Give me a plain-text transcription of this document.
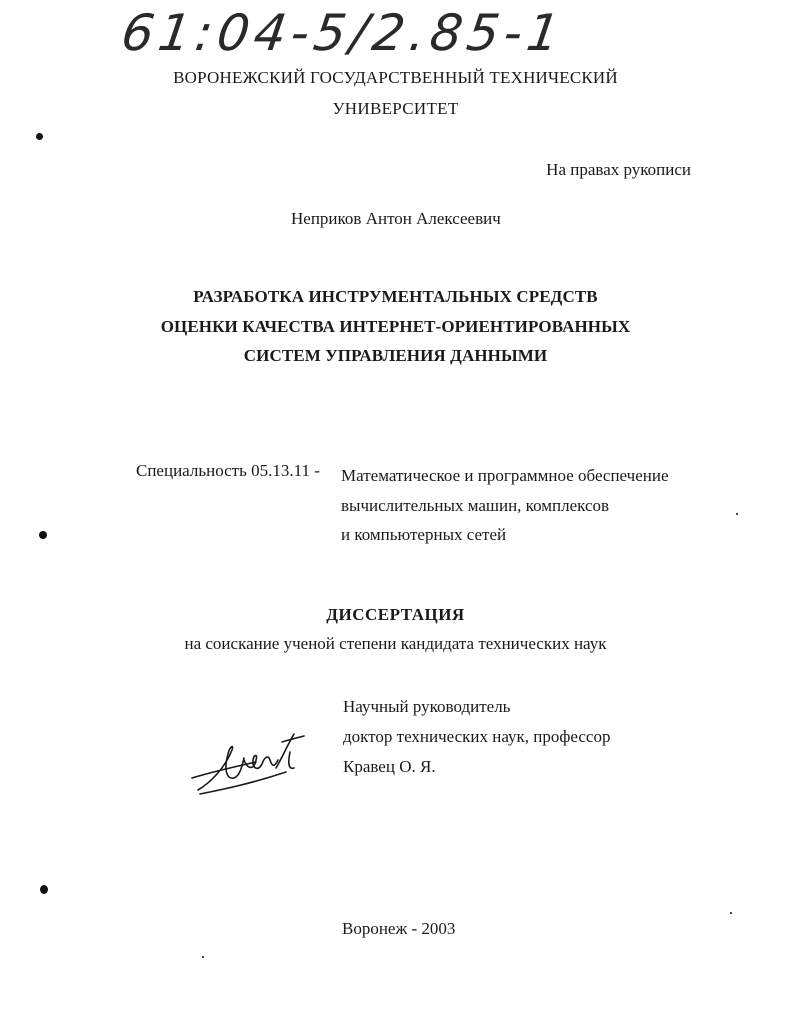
61:04-5/2.85-1
ВОРОНЕЖСКИЙ ГОСУДАРСТВЕННЫЙ ТЕХНИЧЕСКИЙ
УНИВЕРСИТЕТ
На правах рукописи
Неприков Антон Алексеевич
РАЗРАБОТКА ИНСТРУМЕНТАЛЬНЫХ СРЕДСТВ
ОЦЕНКИ КАЧЕСТВА ИНТЕРНЕТ-ОРИЕНТИРОВАННЫХ
СИСТЕМ УПРАВЛЕНИЯ ДАННЫМИ
Специальность 05.13.11 - Математическое и программное обеспечение
вычислительных машин, комплексов
и компьютерных сетей
ДИССЕРТАЦИЯ
на соискание ученой степени кандидата технических наук
Научный руководитель
доктор технических наук, профессор
Кравец О. Я.
Воронеж - 2003
